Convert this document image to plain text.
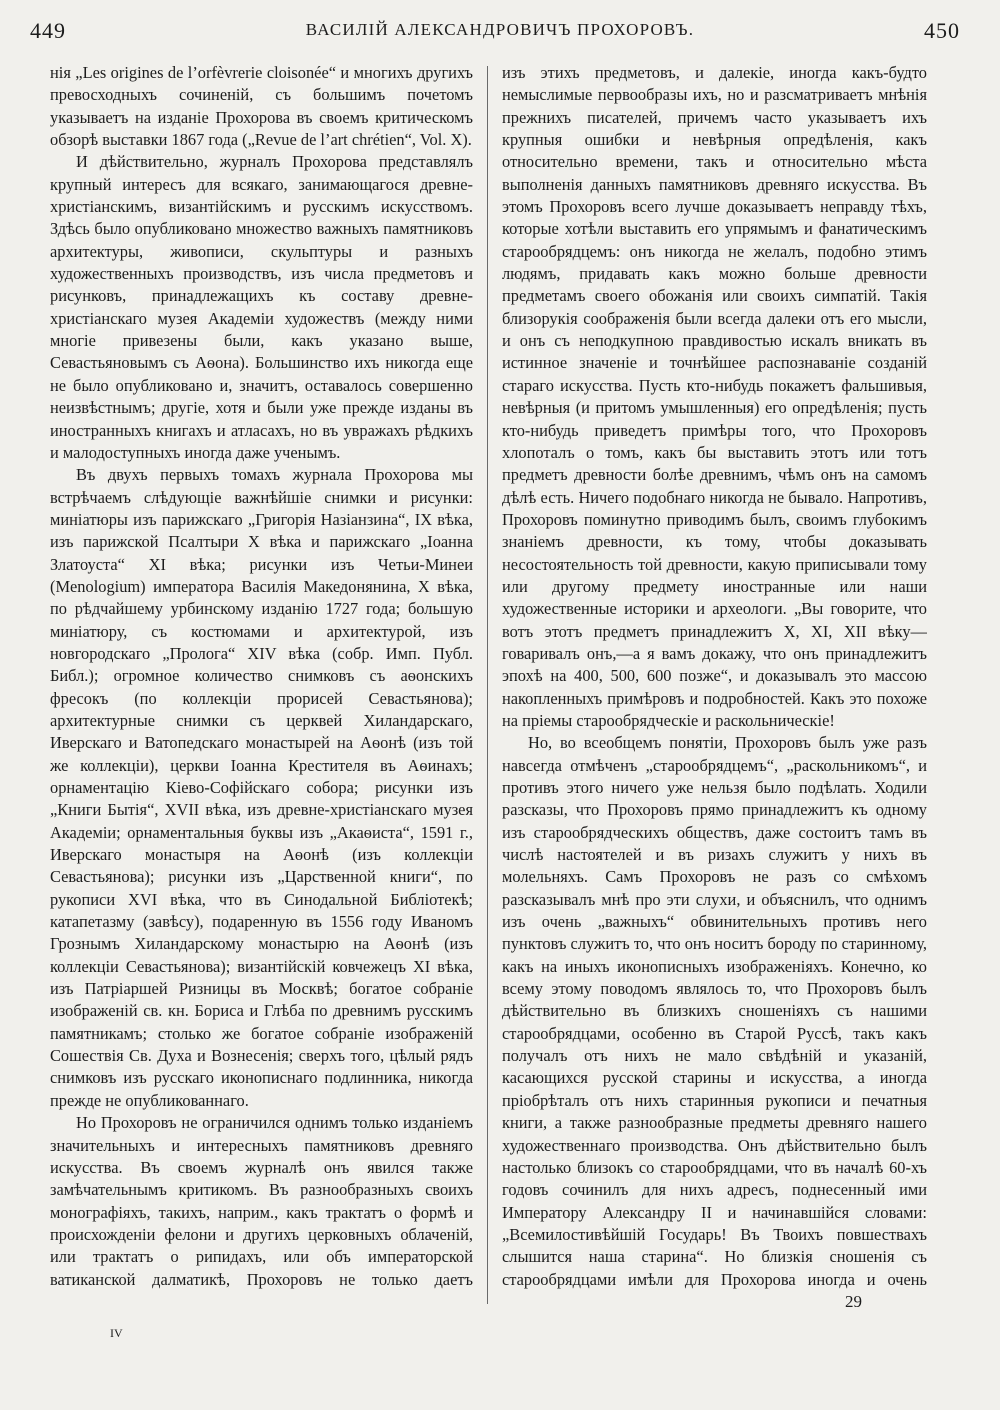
449	ВАСИЛІЙ АЛЕКСАНДРОВИЧЪ ПРОХОРОВЪ.	450

нія „Les origines de l’orfèvrerie cloisonée“ и многихъ другихъ превосходныхъ сочиненій, съ большимъ почетомъ указываетъ на изданіе Прохорова въ своемъ критическомъ обзорѣ выставки 1867 года („Revue de l’art chrétien“, Vol. X).

И дѣйствительно, журналъ Прохорова представлялъ крупный интересъ для всякаго, занимающагося древне-христіанскимъ, византійскимъ и русскимъ искусствомъ. Здѣсь было опубликовано множество важныхъ памятниковъ архитектуры, живописи, скульптуры и разныхъ художественныхъ производствъ, изъ числа предметовъ и рисунковъ, принадлежащихъ къ составу древне-христіанскаго музея Академіи художествъ (между ними многіе привезены были, какъ указано выше, Севастьяновымъ съ Аѳона). Большинство ихъ никогда еще не было опубликовано и, значитъ, оставалось совершенно неизвѣстнымъ; другіе, хотя и были уже прежде изданы въ иностранныхъ книгахъ и атласахъ, но въ увражахъ рѣдкихъ и малодоступныхъ иногда даже ученымъ.

Въ двухъ первыхъ томахъ журнала Прохорова мы встрѣчаемъ слѣдующіе важнѣйшіе снимки и рисунки: миніатюры изъ парижскаго „Григорія Назіанзина“, IX вѣка, изъ парижской Псалтыри X вѣка и парижскаго „Іоанна Златоуста“ XI вѣка; рисунки изъ Четьи-Минеи (Menologium) императора Василія Македонянина, X вѣка, по рѣдчайшему урбинскому изданію 1727 года; большую миніатюру, съ костюмами и архитектурой, изъ новгородскаго „Пролога“ XIV вѣка (собр. Имп. Публ. Библ.); огромное количество снимковъ съ аѳонскихъ фресокъ (по коллекціи прорисей Севастьянова); архитектурные снимки съ церквей Хиландарскаго, Иверскаго и Ватопедскаго монастырей на Аѳонѣ (изъ той же коллекціи), церкви Іоанна Крестителя въ Аѳинахъ; орнаментацію Кіево-Софійскаго собора; рисунки изъ „Книги Бытія“, XVII вѣка, изъ древне-христіанскаго музея Академіи; орнаментальныя буквы изъ „Акаѳиста“, 1591 г., Иверскаго монастыря на Аѳонѣ (изъ коллекціи Севастьянова); рисунки изъ „Царственной книги“, по рукописи XVI вѣка, что въ Синодальной Библіотекѣ; катапетазму (завѣсу), подаренную въ 1556 году Иваномъ Грознымъ Хиландарскому монастырю на Аѳонѣ (изъ коллекціи Севастьянова); византійскій ковчежецъ XI вѣка, изъ Патріаршей Ризницы въ Москвѣ; богатое собраніе изображеній св. кн. Бориса и Глѣба по древнимъ русскимъ памятникамъ; столько же богатое собраніе изображеній Сошествія Св. Духа и Вознесенія; сверхъ того, цѣлый рядъ снимковъ изъ русскаго иконописнаго подлинника, никогда прежде не опубликованнаго.

Но Прохоровъ не ограничился однимъ только изданіемъ значительныхъ и интересныхъ памятниковъ древняго искусства. Въ своемъ журналѣ онъ явился также замѣчательнымъ критикомъ. Въ разнообразныхъ своихъ монографіяхъ, такихъ, наприм., какъ трактатъ о формѣ и происхожденіи фелони и другихъ церковныхъ облаченій, или трактатъ о рипидахъ, или объ императорской ватиканской далматикѣ, Прохоровъ не только даетъ

изъ этихъ предметовъ, и далекіе, иногда какъ-будто немыслимые первообразы ихъ, но и разсматриваетъ мнѣнія прежнихъ писателей, причемъ часто указываетъ ихъ крупныя ошибки и невѣрныя опредѣленія, какъ относительно времени, такъ и относительно мѣста выполненія данныхъ памятниковъ древняго искусства. Въ этомъ Прохоровъ всего лучше доказываетъ неправду тѣхъ, которые хотѣли выставить его упрямымъ и фанатическимъ старообрядцемъ: онъ никогда не желалъ, подобно этимъ людямъ, придавать какъ можно больше древности предметамъ своего обожанія или своихъ симпатій. Такія близорукія соображенія были всегда далеки отъ его мысли, и онъ съ неподкупною правдивостью искалъ вникать въ истинное значеніе и точнѣйшее распознаваніе созданій стараго искусства. Пусть кто-нибудь покажетъ фальшивыя, невѣрныя (и притомъ умышленныя) его опредѣленія; пусть кто-нибудь приведетъ примѣры того, что Прохоровъ хлопоталъ о томъ, какъ бы выставить этотъ или тотъ предметъ древности болѣе древнимъ, чѣмъ онъ на самомъ дѣлѣ есть. Ничего подобнаго никогда не бывало. Напротивъ, Прохоровъ поминутно приводимъ былъ, своимъ глубокимъ знаніемъ древности, къ тому, чтобы доказывать несостоятельность той древности, какую приписывали тому или другому предмету иностранные или наши художественные историки и археологи. „Вы говорите, что вотъ этотъ предметъ принадлежитъ X, XI, XII вѣку—говаривалъ онъ,—а я вамъ докажу, что онъ принадлежитъ эпохѣ на 400, 500, 600 позже“, и доказывалъ это массою накопленныхъ примѣровъ и подробностей. Какъ это похоже на пріемы старообрядческіе и раскольническіе!

Но, во всеобщемъ понятіи, Прохоровъ былъ уже разъ навсегда отмѣченъ „старообрядцемъ“, „раскольникомъ“, и противъ этого ничего уже нельзя было подѣлать. Ходили разсказы, что Прохоровъ прямо принадлежитъ къ одному изъ старообрядческихъ обществъ, даже состоитъ тамъ въ числѣ настоятелей и въ ризахъ служитъ у нихъ въ молельняхъ. Самъ Прохоровъ не разъ со смѣхомъ разсказывалъ мнѣ про эти слухи, и объяснилъ, что однимъ изъ очень „важныхъ“ обвинительныхъ противъ него пунктовъ служитъ то, что онъ носитъ бороду по старинному, какъ на иныхъ иконописныхъ изображеніяхъ. Конечно, ко всему этому поводомъ являлось то, что Прохоровъ былъ дѣйствительно въ близкихъ сношеніяхъ съ нашими старообрядцами, особенно въ Старой Руссѣ, такъ какъ получалъ отъ нихъ не мало свѣдѣній и указаній, касающихся русской старины и искусства, а иногда пріобрѣталъ отъ нихъ старинныя рукописи и печатныя книги, а также разнообразные предметы древняго нашего художественнаго производства. Онъ дѣйствительно былъ настолько близокъ со старообрядцами, что въ началѣ 60-хъ годовъ сочинилъ для нихъ адресъ, поднесенный ими Императору Александру II и начинавшійся словами: „Всемилостивѣйшій Государь! Въ Твоихъ повшествахъ слышится наша старина“. Но близкія сношенія съ старообрядцами имѣли для Прохорова иногда и очень

29
IV
